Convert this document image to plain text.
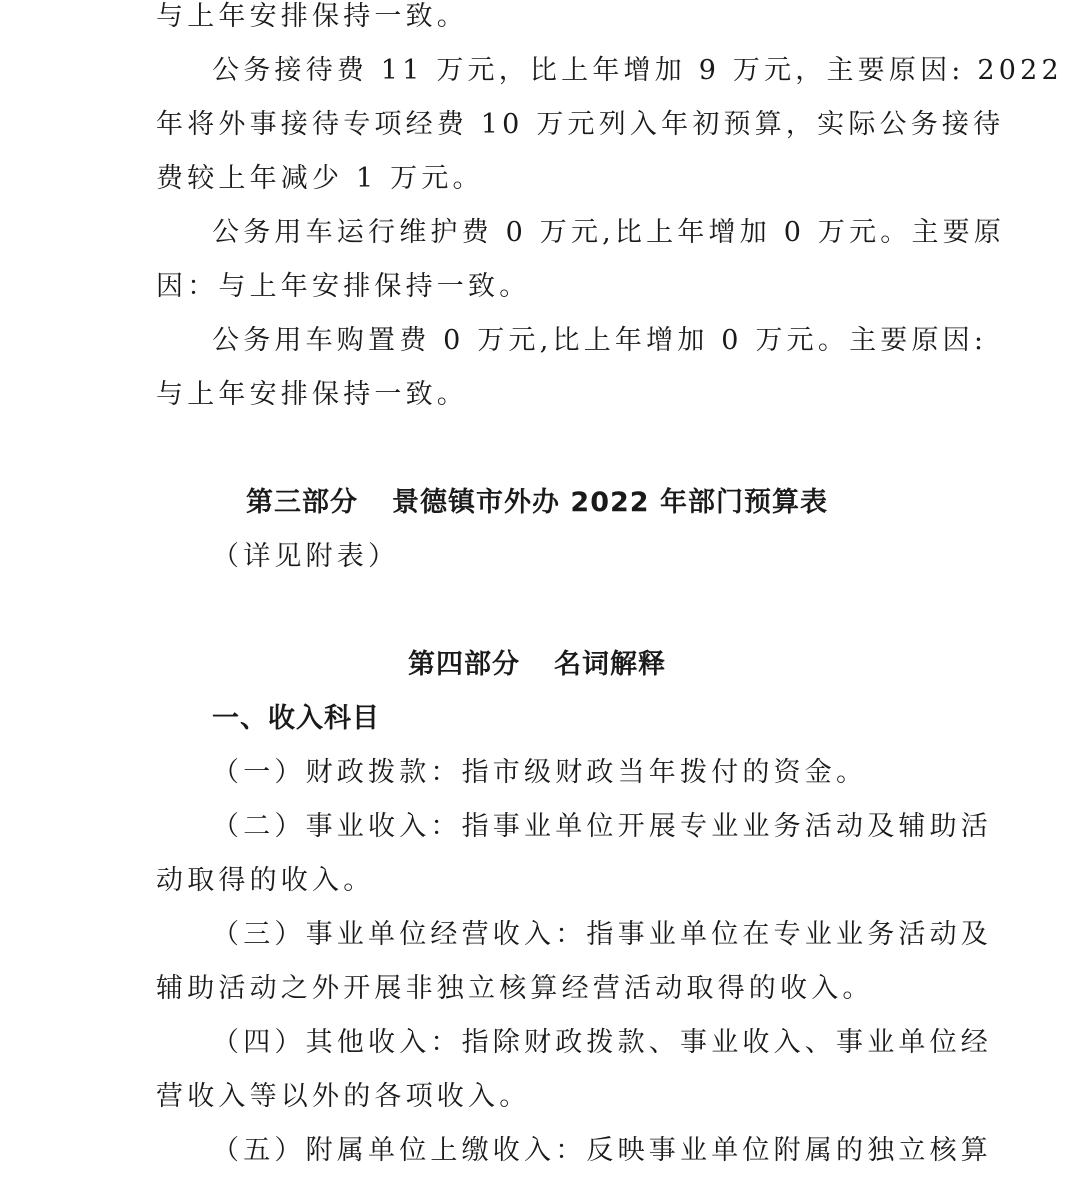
与上年安排保持一致。
公务接待费 11 万元，比上年增加 9 万元，主要原因: 2022
年将外事接待专项经费 10 万元列入年初预算，实际公务接待
费较上年减少 1 万元。
公务用车运行维护费 0 万元,比上年增加 0 万元。主要原
因：与上年安排保持一致。
公务用车购置费 0 万元,比上年增加 0 万元。主要原因:
与上年安排保持一致。
第三部分 景德镇市外办 2022 年部门预算表
（详见附表）
第四部分 名词解释
一、收入科目
（一）财政拨款：指市级财政当年拨付的资金。
（二）事业收入：指事业单位开展专业业务活动及辅助活
动取得的收入。
（三）事业单位经营收入：指事业单位在专业业务活动及
辅助活动之外开展非独立核算经营活动取得的收入。
（四）其他收入：指除财政拨款、事业收入、事业单位经
营收入等以外的各项收入。
（五）附属单位上缴收入：反映事业单位附属的独立核算
